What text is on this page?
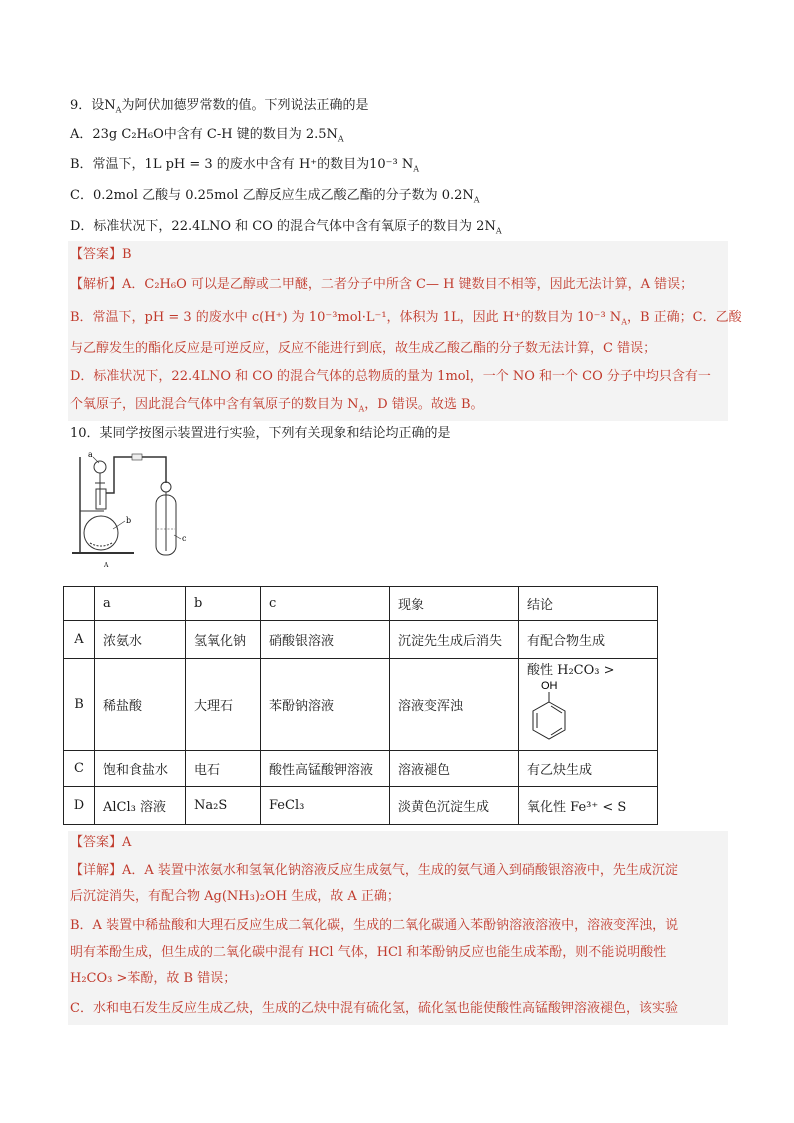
9．设$N_A$为阿伏加德罗常数的值。下列说法正确的是
A．23g C₂H₆O中含有 C-H 键的数目为 $2.5N_A$
B．常温下，1L pH = 3 的废水中含有 H⁺的数目为10⁻³ $N_A$
C．0.2mol 乙酸与 0.25mol 乙醇反应生成乙酸乙酯的分子数为 $0.2N_A$
D．标准状况下，22.4LNO 和 CO 的混合气体中含有氧原子的数目为 $2N_A$
【答案】B
【解析】A．C₂H₆O 可以是乙醇或二甲醚，二者分子中所含 C— H 键数目不相等，因此无法计算，A 错误；
B．常温下，pH = 3 的废水中 c(H⁺) 为 10⁻³mol·L⁻¹，体积为 1L，因此 H⁺的数目为 10⁻³ $N_A$，B 正确；C．乙酸
与乙醇发生的酯化反应是可逆反应，反应不能进行到底，故生成乙酸乙酯的分子数无法计算，C 错误；
D．标准状况下，22.4LNO 和 CO 的混合气体的总物质的量为 1mol，一个 NO 和一个 CO 分子中均只含有一
个氧原子，因此混合气体中含有氧原子的数目为 $N_A$，D 错误。故选 B。
10．某同学按图示装置进行实验，下列有关现象和结论均正确的是
a
b
c
A
	a	b	c	现象	结论
A	浓氨水	氢氧化钠	硝酸银溶液	沉淀先生成后消失	有配合物生成
B	稀盐酸	大理石	苯酚钠溶液	溶液变浑浊	酸性 H₂CO₃ >
OH

C	饱和食盐水	电石	酸性高锰酸钾溶液	溶液褪色	有乙炔生成
D	AlCl₃ 溶液	Na₂S	FeCl₃	淡黄色沉淀生成	氧化性 Fe³⁺ < S
【答案】A
【详解】A．A 装置中浓氨水和氢氧化钠溶液反应生成氨气，生成的氨气通入到硝酸银溶液中，先生成沉淀
后沉淀消失，有配合物 Ag(NH₃)₂OH 生成，故 A 正确；
B．A 装置中稀盐酸和大理石反应生成二氧化碳，生成的二氧化碳通入苯酚钠溶液溶液中，溶液变浑浊，说
明有苯酚生成，但生成的二氧化碳中混有 HCl 气体，HCl 和苯酚钠反应也能生成苯酚，则不能说明酸性
H₂CO₃ >苯酚，故 B 错误；
C．水和电石发生反应生成乙炔，生成的乙炔中混有硫化氢，硫化氢也能使酸性高锰酸钾溶液褪色，该实验
